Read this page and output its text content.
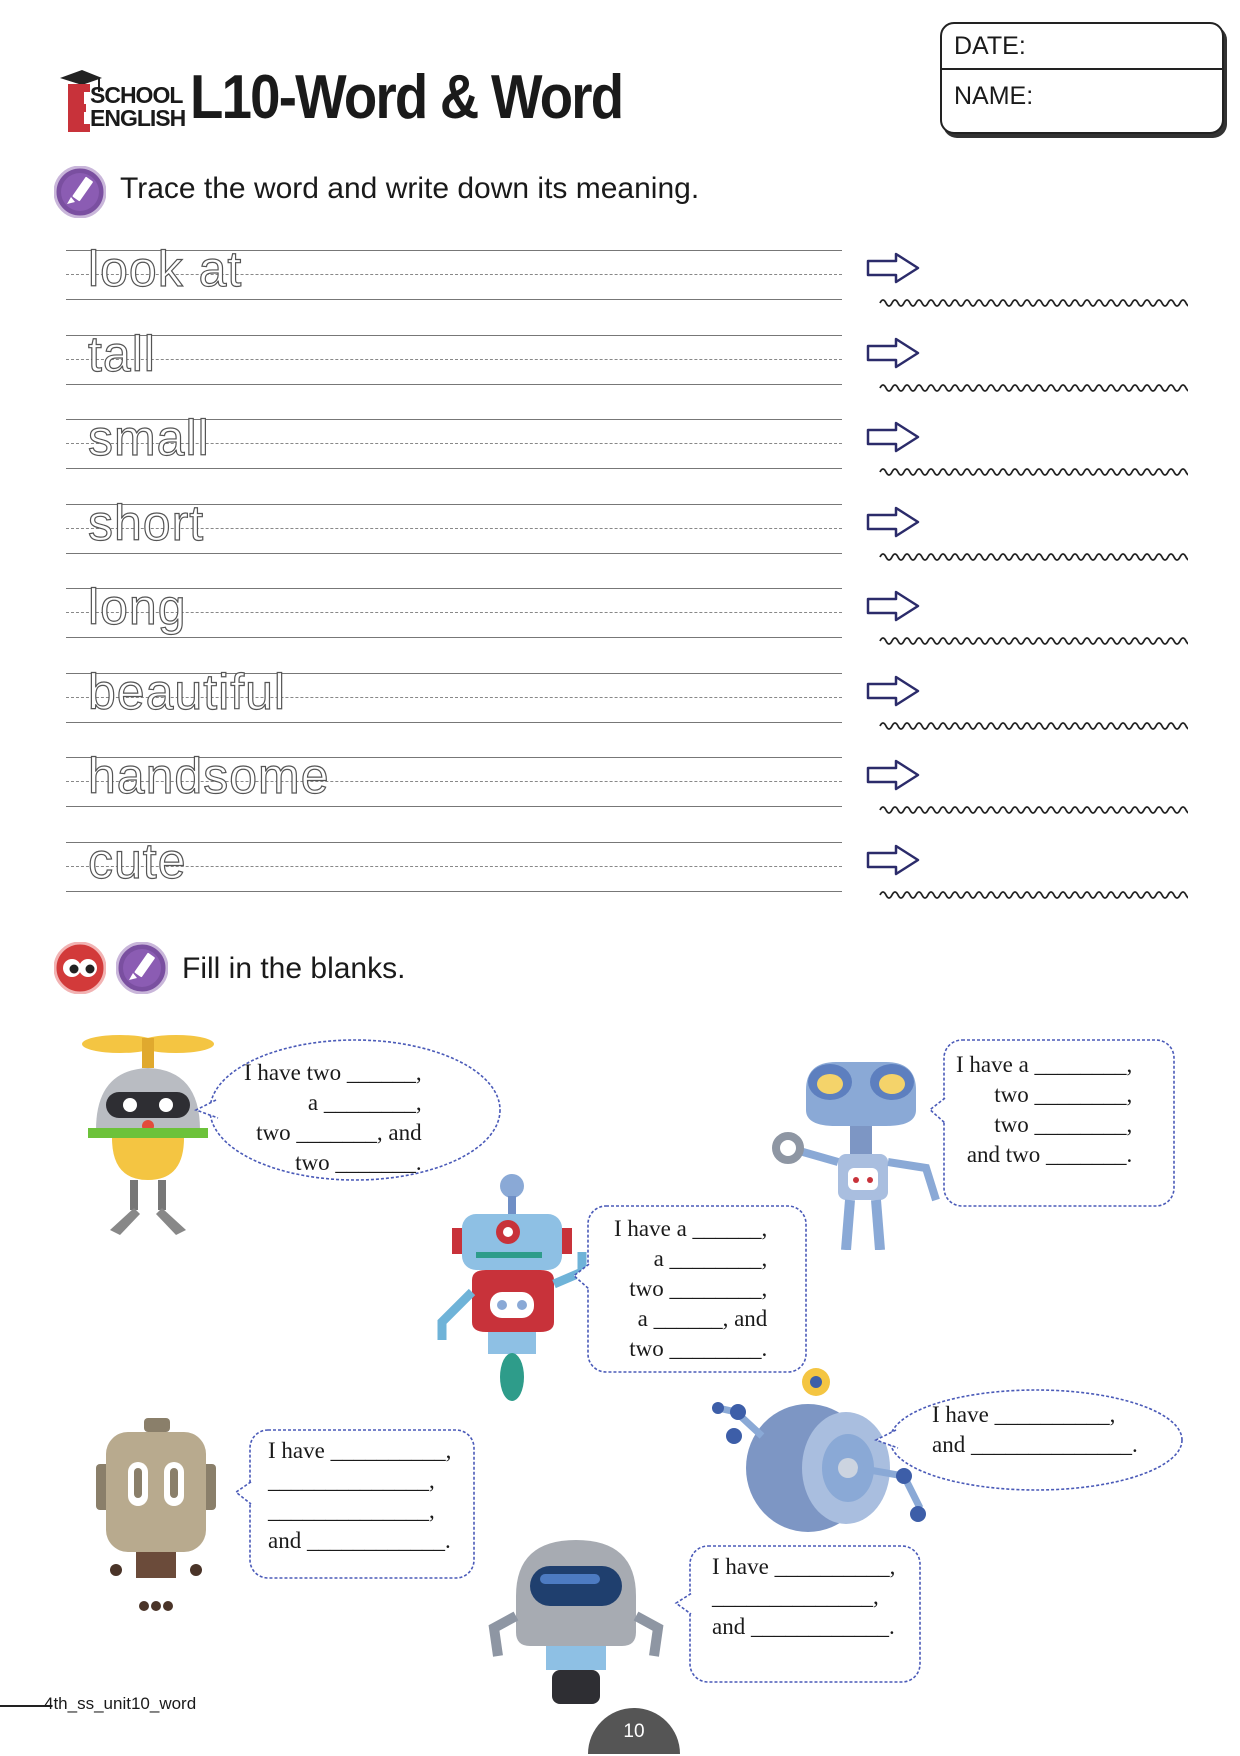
SCHOOL
ENGLISH L10-Word & Word
DATE:
NAME:
Trace the word and write down its meaning.
look at
tall
small
short
long
beautiful
handsome
cute
Fill in the blanks.
I have two ______,
a ________,
two _______, and
two _______.
I have a ________,
two ________,
two ________,
and two _______.
I have a ______,
a ________,
two ________,
a ______, and
two ________.
I have __________,
and ______________.
I have __________,
______________,
______________,
and ____________.
I have __________,
______________,
and ____________.
4th_ss_unit10_word
10
